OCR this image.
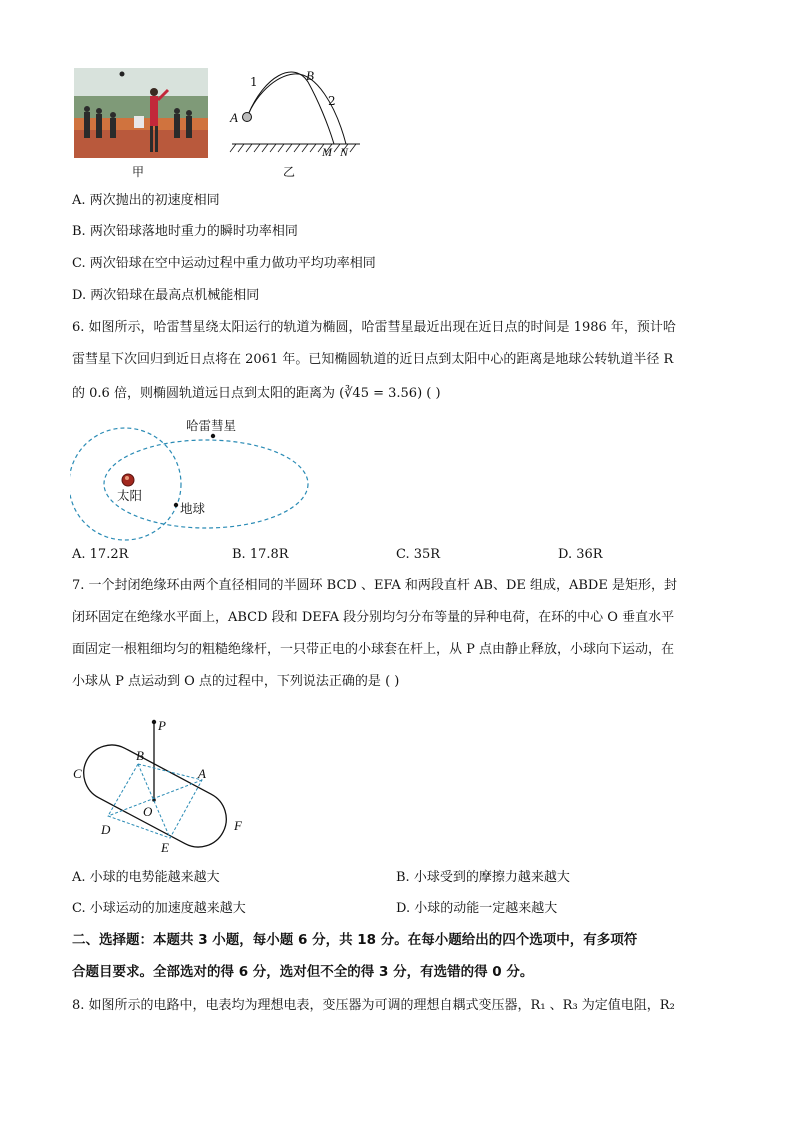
甲
A
B
1
2
M N
乙
A. 两次抛出的初速度相同
B. 两次铅球落地时重力的瞬时功率相同
C. 两次铅球在空中运动过程中重力做功平均功率相同
D. 两次铅球在最高点机械能相同
6. 如图所示，哈雷彗星绕太阳运行的轨道为椭圆，哈雷彗星最近出现在近日点的时间是 1986 年，预计哈
雷彗星下次回归到近日点将在 2061 年。已知椭圆轨道的近日点到太阳中心的距离是地球公转轨道半径 R
的 0.6 倍，则椭圆轨道远日点到太阳的距离为 (∛45 = 3.56) ( )
哈雷彗星
太阳
地球
A. 17.2R	B. 17.8R	C. 35R	D. 36R
7. 一个封闭绝缘环由两个直径相同的半圆环 BCD 、EFA 和两段直杆 AB、DE 组成，ABDE 是矩形，封
闭环固定在绝缘水平面上，ABCD 段和 DEFA 段分别均匀分布等量的异种电荷，在环的中心 O 垂直水平
面固定一根粗细均匀的粗糙绝缘杆，一只带正电的小球套在杆上，从 P 点由静止释放，小球向下运动，在
小球从 P 点运动到 O 点的过程中，下列说法正确的是 ( )
P
B
C	A
O
D	F
E
A. 小球的电势能越来越大	B. 小球受到的摩擦力越来越大
C. 小球运动的加速度越来越大	D. 小球的动能一定越来越大
二、选择题：本题共 3 小题，每小题 6 分，共 18 分。在每小题给出的四个选项中，有多项符
合题目要求。全部选对的得 6 分，选对但不全的得 3 分，有选错的得 0 分。
8. 如图所示的电路中，电表均为理想电表，变压器为可调的理想自耦式变压器，R₁ 、R₃ 为定值电阻，R₂
